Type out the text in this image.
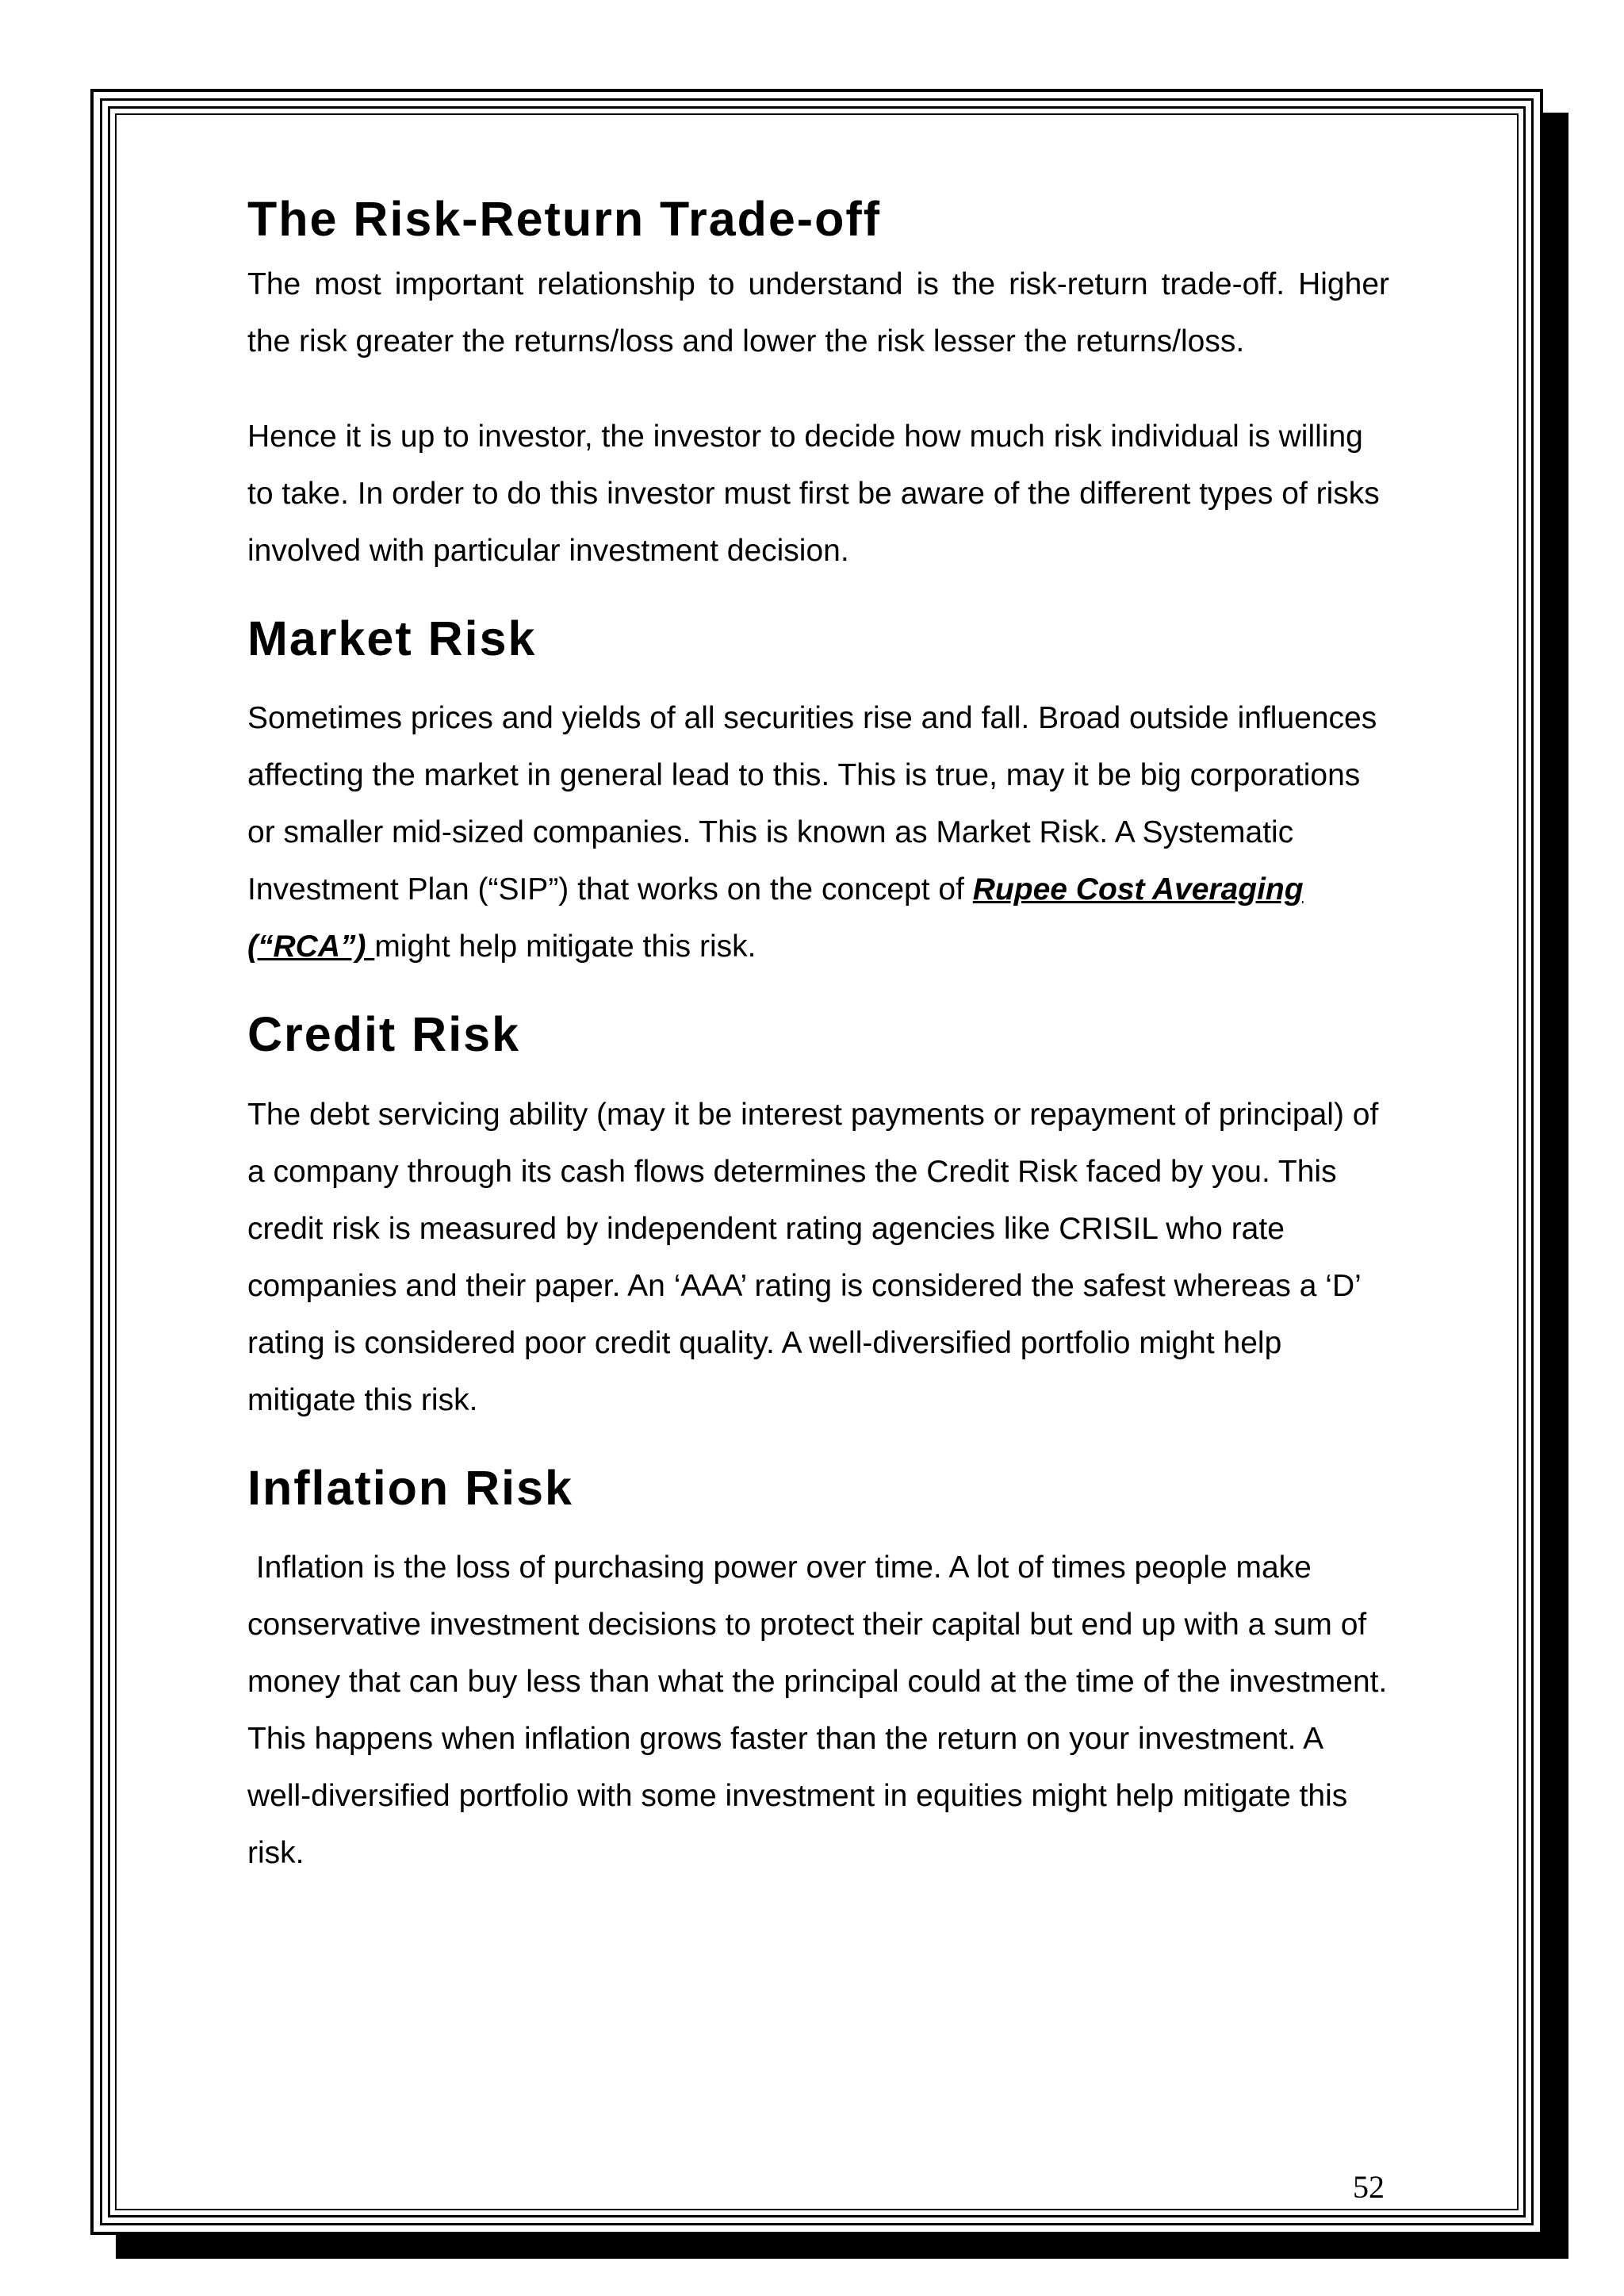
The Risk-Return Trade-off

The most important relationship to understand is the risk-return trade-off. Higher the risk greater the returns/loss and lower the risk lesser the returns/loss.

Hence it is up to investor, the investor to decide how much risk individual is willing to take. In order to do this investor must first be aware of the different types of risks involved with particular investment decision.

Market Risk

Sometimes prices and yields of all securities rise and fall. Broad outside influences affecting the market in general lead to this. This is true, may it be big corporations or smaller mid-sized companies. This is known as Market Risk. A Systematic Investment Plan (“SIP”) that works on the concept of Rupee Cost Averaging (“RCA”) might help mitigate this risk.

Credit Risk

The debt servicing ability (may it be interest payments or repayment of principal) of a company through its cash flows determines the Credit Risk faced by you. This credit risk is measured by independent rating agencies like CRISIL who rate companies and their paper. An ‘AAA’ rating is considered the safest whereas a ‘D’ rating is considered poor credit quality. A well-diversified portfolio might help mitigate this risk.

Inflation Risk

Inflation is the loss of purchasing power over time. A lot of times people make conservative investment decisions to protect their capital but end up with a sum of money that can buy less than what the principal could at the time of the investment. This happens when inflation grows faster than the return on your investment. A well-diversified portfolio with some investment in equities might help mitigate this risk.

52
